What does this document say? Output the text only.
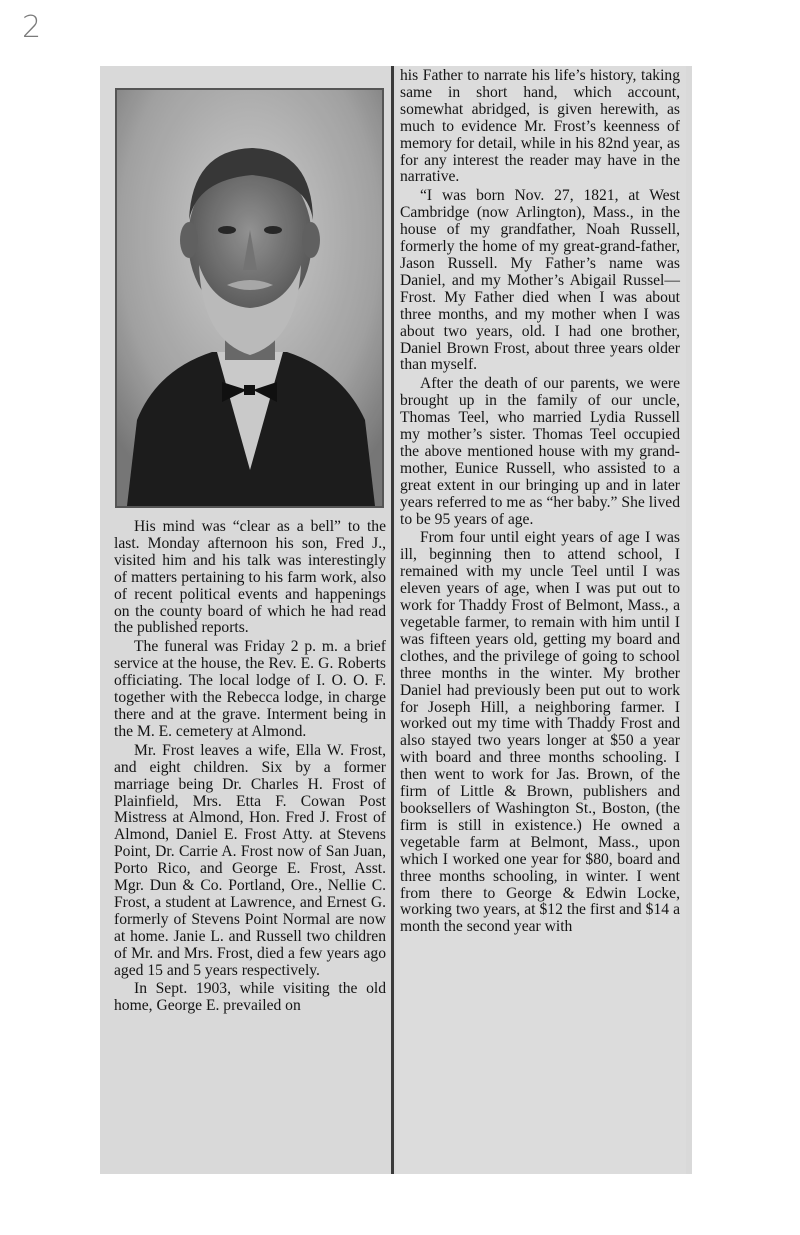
2

His mind was “clear as a bell” to the last. Monday afternoon his son, Fred J., visited him and his talk was interestingly of matters pertaining to his farm work, also of recent political events and happenings on the county board of which he had read the published reports.

The funeral was Friday 2 p. m. a brief service at the house, the Rev. E. G. Roberts officiating. The local lodge of I. O. O. F. together with the Rebecca lodge, in charge there and at the grave. Interment being in the M. E. cemetery at Almond.

Mr. Frost leaves a wife, Ella W. Frost, and eight children. Six by a former marriage being Dr. Charles H. Frost of Plainfield, Mrs. Etta F. Cowan Post Mistress at Almond, Hon. Fred J. Frost of Almond, Daniel E. Frost Atty. at Stevens Point, Dr. Carrie A. Frost now of San Juan, Porto Rico, and George E. Frost, Asst. Mgr. Dun & Co. Portland, Ore., Nellie C. Frost, a student at Lawrence, and Ernest G. formerly of Stevens Point Normal are now at home. Janie L. and Russell two children of Mr. and Mrs. Frost, died a few years ago aged 15 and 5 years respectively.

In Sept. 1903, while visiting the old home, George E. prevailed on

his Father to narrate his life’s history, taking same in short hand, which account, somewhat abridged, is given herewith, as much to evidence Mr. Frost’s keenness of memory for detail, while in his 82nd year, as for any interest the reader may have in the narrative.

“I was born Nov. 27, 1821, at West Cambridge (now Arlington), Mass., in the house of my grandfather, Noah Russell, formerly the home of my great-grand-father, Jason Russell. My Father’s name was Daniel, and my Mother’s Abigail Russel—Frost. My Father died when I was about three months, and my mother when I was about two years, old. I had one brother, Daniel Brown Frost, about three years older than myself.

After the death of our parents, we were brought up in the family of our uncle, Thomas Teel, who married Lydia Russell my mother’s sister. Thomas Teel occupied the above mentioned house with my grand-mother, Eunice Russell, who assisted to a great extent in our bringing up and in later years referred to me as “her baby.” She lived to be 95 years of age.

From four until eight years of age I was ill, beginning then to attend school, I remained with my uncle Teel until I was eleven years of age, when I was put out to work for Thaddy Frost of Belmont, Mass., a vegetable farmer, to remain with him until I was fifteen years old, getting my board and clothes, and the privilege of going to school three months in the winter. My brother Daniel had previously been put out to work for Joseph Hill, a neighboring farmer. I worked out my time with Thaddy Frost and also stayed two years longer at $50 a year with board and three months schooling. I then went to work for Jas. Brown, of the firm of Little & Brown, publishers and booksellers of Washington St., Boston, (the firm is still in existence.) He owned a vegetable farm at Belmont, Mass., upon which I worked one year for $80, board and three months schooling, in winter. I went from there to George & Edwin Locke, working two years, at $12 the first and $14 a month the second year with
